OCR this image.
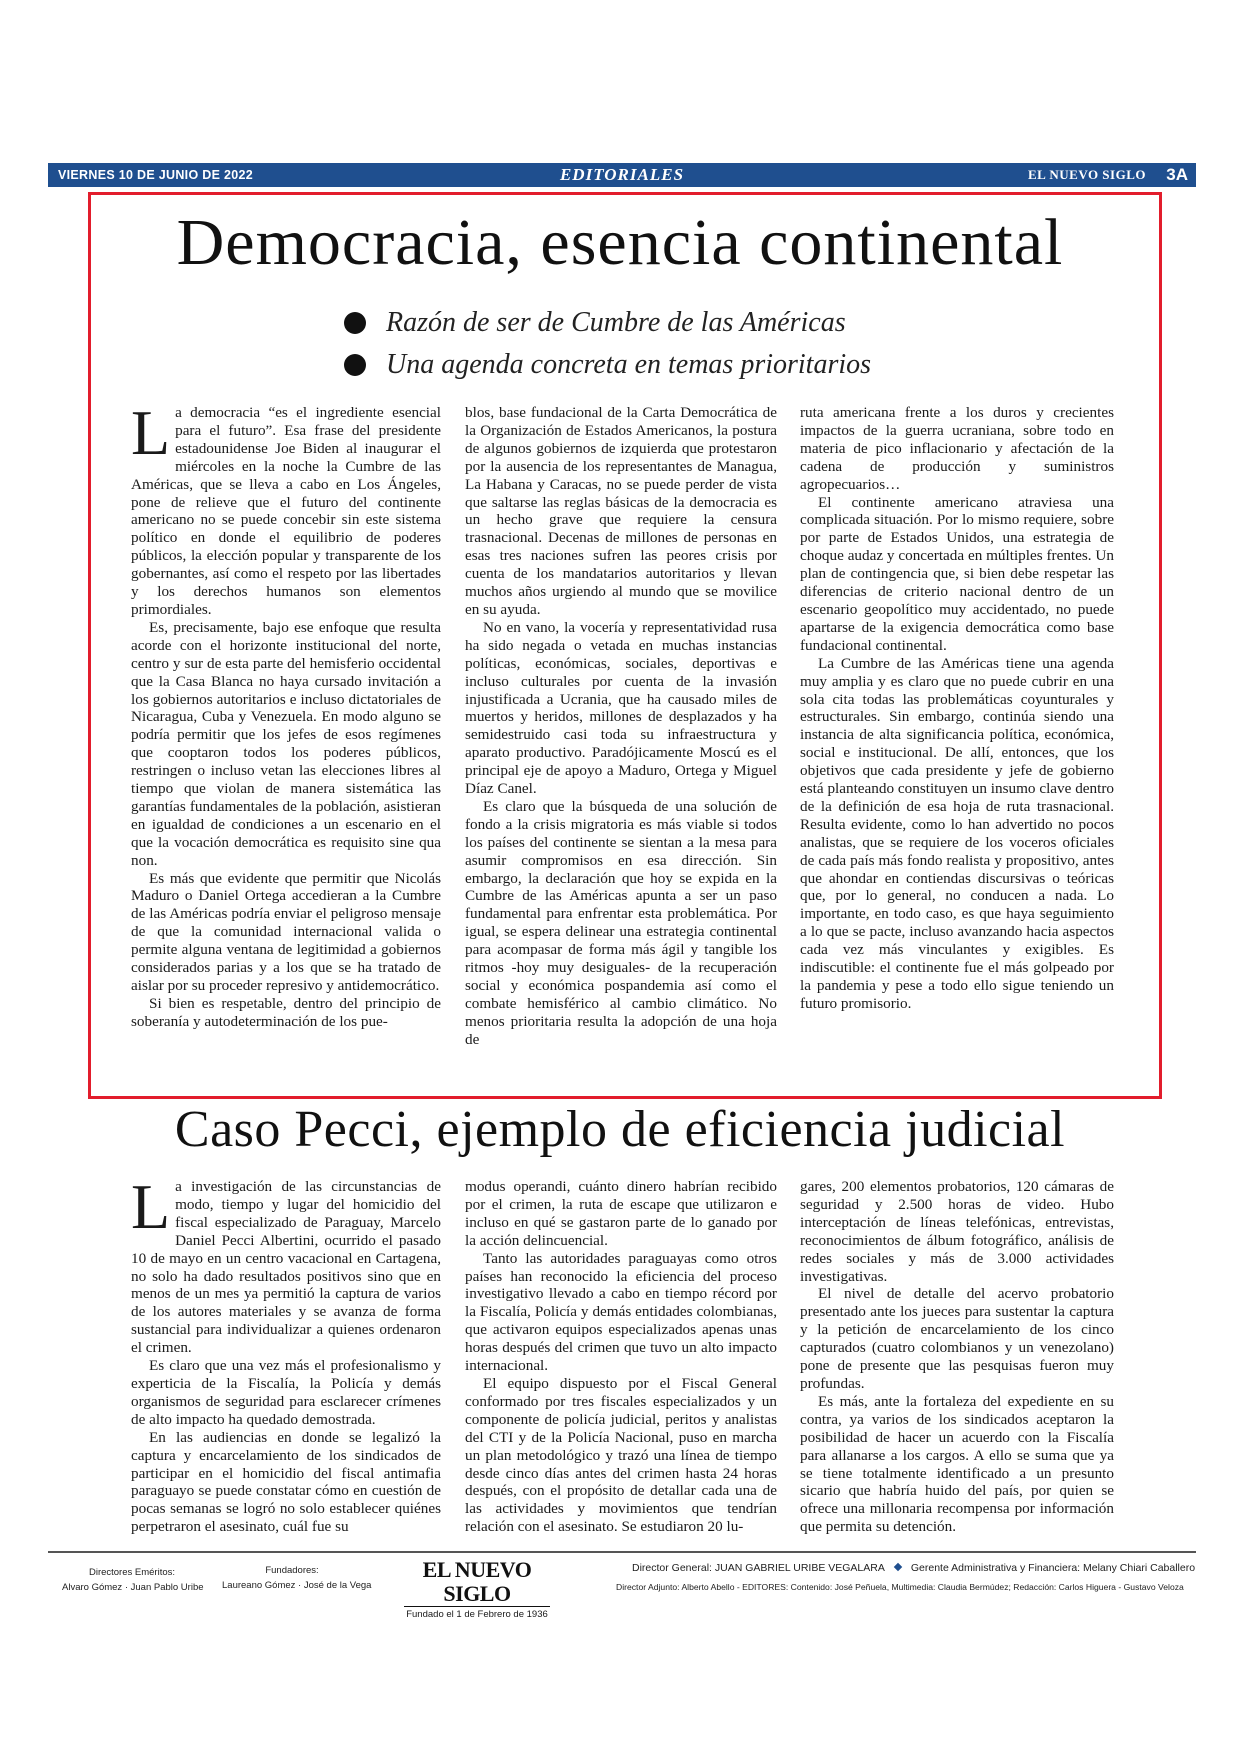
VIERNES 10 DE JUNIO DE 2022	EDITORIALES	EL NUEVO SIGLO 3A
Democracia, esencia continental
Razón de ser de Cumbre de las Américas
Una agenda concreta en temas prioritarios

La democracia “es el ingrediente esencial para el futuro”. Esa frase del presidente estadounidense Joe Biden al inaugurar el miércoles en la noche la Cumbre de las Américas, que se lleva a cabo en Los Ángeles, pone de relieve que el futuro del continente americano no se puede concebir sin este sistema político en donde el equilibrio de poderes públicos, la elección popular y transparente de los gobernantes, así como el respeto por las libertades y los derechos humanos son elementos primordiales.

Es, precisamente, bajo ese enfoque que resulta acorde con el horizonte institucional del norte, centro y sur de esta parte del hemisferio occidental que la Casa Blanca no haya cursado invitación a los gobiernos autoritarios e incluso dictatoriales de Nicaragua, Cuba y Venezuela. En modo alguno se podría permitir que los jefes de esos regímenes que cooptaron todos los poderes públicos, restringen o incluso vetan las elecciones libres al tiempo que violan de manera sistemática las garantías fundamentales de la población, asistieran en igualdad de condiciones a un escenario en el que la vocación democrática es requisito sine qua non.

Es más que evidente que permitir que Nicolás Maduro o Daniel Ortega accedieran a la Cumbre de las Américas podría enviar el peligroso mensaje de que la comunidad internacional valida o permite alguna ventana de legitimidad a gobiernos considerados parias y a los que se ha tratado de aislar por su proceder represivo y antidemocrático.

Si bien es respetable, dentro del principio de soberanía y autodeterminación de los pue-

blos, base fundacional de la Carta Democrática de la Organización de Estados Americanos, la postura de algunos gobiernos de izquierda que protestaron por la ausencia de los representantes de Managua, La Habana y Caracas, no se puede perder de vista que saltarse las reglas básicas de la democracia es un hecho grave que requiere la censura trasnacional. Decenas de millones de personas en esas tres naciones sufren las peores crisis por cuenta de los mandatarios autoritarios y llevan muchos años urgiendo al mundo que se movilice en su ayuda.

No en vano, la vocería y representatividad rusa ha sido negada o vetada en muchas instancias políticas, económicas, sociales, deportivas e incluso culturales por cuenta de la invasión injustificada a Ucrania, que ha causado miles de muertos y heridos, millones de desplazados y ha semidestruido casi toda su infraestructura y aparato productivo. Paradójicamente Moscú es el principal eje de apoyo a Maduro, Ortega y Miguel Díaz Canel.

Es claro que la búsqueda de una solución de fondo a la crisis migratoria es más viable si todos los países del continente se sientan a la mesa para asumir compromisos en esa dirección. Sin embargo, la declaración que hoy se expida en la Cumbre de las Américas apunta a ser un paso fundamental para enfrentar esta problemática. Por igual, se espera delinear una estrategia continental para acompasar de forma más ágil y tangible los ritmos -hoy muy desiguales- de la recuperación social y económica pospandemia así como el combate hemisférico al cambio climático. No menos prioritaria resulta la adopción de una hoja de

ruta americana frente a los duros y crecientes impactos de la guerra ucraniana, sobre todo en materia de pico inflacionario y afectación de la cadena de producción y suministros agropecuarios…

El continente americano atraviesa una complicada situación. Por lo mismo requiere, sobre por parte de Estados Unidos, una estrategia de choque audaz y concertada en múltiples frentes. Un plan de contingencia que, si bien debe respetar las diferencias de criterio nacional dentro de un escenario geopolítico muy accidentado, no puede apartarse de la exigencia democrática como base fundacional continental.

La Cumbre de las Américas tiene una agenda muy amplia y es claro que no puede cubrir en una sola cita todas las problemáticas coyunturales y estructurales. Sin embargo, continúa siendo una instancia de alta significancia política, económica, social e institucional. De allí, entonces, que los objetivos que cada presidente y jefe de gobierno está planteando constituyen un insumo clave dentro de la definición de esa hoja de ruta trasnacional. Resulta evidente, como lo han advertido no pocos analistas, que se requiere de los voceros oficiales de cada país más fondo realista y propositivo, antes que ahondar en contiendas discursivas o teóricas que, por lo general, no conducen a nada. Lo importante, en todo caso, es que haya seguimiento a lo que se pacte, incluso avanzando hacia aspectos cada vez más vinculantes y exigibles. Es indiscutible: el continente fue el más golpeado por la pandemia y pese a todo ello sigue teniendo un futuro promisorio.

Caso Pecci, ejemplo de eficiencia judicial

La investigación de las circunstancias de modo, tiempo y lugar del homicidio del fiscal especializado de Paraguay, Marcelo Daniel Pecci Albertini, ocurrido el pasado 10 de mayo en un centro vacacional en Cartagena, no solo ha dado resultados positivos sino que en menos de un mes ya permitió la captura de varios de los autores materiales y se avanza de forma sustancial para individualizar a quienes ordenaron el crimen.

Es claro que una vez más el profesionalismo y experticia de la Fiscalía, la Policía y demás organismos de seguridad para esclarecer crímenes de alto impacto ha quedado demostrada.

En las audiencias en donde se legalizó la captura y encarcelamiento de los sindicados de participar en el homicidio del fiscal antimafia paraguayo se puede constatar cómo en cuestión de pocas semanas se logró no solo establecer quiénes perpetraron el asesinato, cuál fue su

modus operandi, cuánto dinero habrían recibido por el crimen, la ruta de escape que utilizaron e incluso en qué se gastaron parte de lo ganado por la acción delincuencial.

Tanto las autoridades paraguayas como otros países han reconocido la eficiencia del proceso investigativo llevado a cabo en tiempo récord por la Fiscalía, Policía y demás entidades colombianas, que activaron equipos especializados apenas unas horas después del crimen que tuvo un alto impacto internacional.

El equipo dispuesto por el Fiscal General conformado por tres fiscales especializados y un componente de policía judicial, peritos y analistas del CTI y de la Policía Nacional, puso en marcha un plan metodológico y trazó una línea de tiempo desde cinco días antes del crimen hasta 24 horas después, con el propósito de detallar cada una de las actividades y movimientos que tendrían relación con el asesinato. Se estudiaron 20 lu-

gares, 200 elementos probatorios, 120 cámaras de seguridad y 2.500 horas de video. Hubo interceptación de líneas telefónicas, entrevistas, reconocimientos de álbum fotográfico, análisis de redes sociales y más de 3.000 actividades investigativas.

El nivel de detalle del acervo probatorio presentado ante los jueces para sustentar la captura y la petición de encarcelamiento de los cinco capturados (cuatro colombianos y un venezolano) pone de presente que las pesquisas fueron muy profundas.

Es más, ante la fortaleza del expediente en su contra, ya varios de los sindicados aceptaron la posibilidad de hacer un acuerdo con la Fiscalía para allanarse a los cargos. A ello se suma que ya se tiene totalmente identificado a un presunto sicario que habría huido del país, por quien se ofrece una millonaria recompensa por información que permita su detención.

Directores Eméritos:
Alvaro Gómez · Juan Pablo Uribe
Fundadores:
Laureano Gómez · José de la Vega
EL NUEVO SIGLO
Fundado el 1 de Febrero de 1936
Director General: JUAN GABRIEL URIBE VEGALARA Gerente Administrativa y Financiera: Melany Chiari Caballero
Director Adjunto: Alberto Abello - EDITORES: Contenido: José Peñuela, Multimedia: Claudia Bermúdez; Redacción: Carlos Higuera - Gustavo Veloza
